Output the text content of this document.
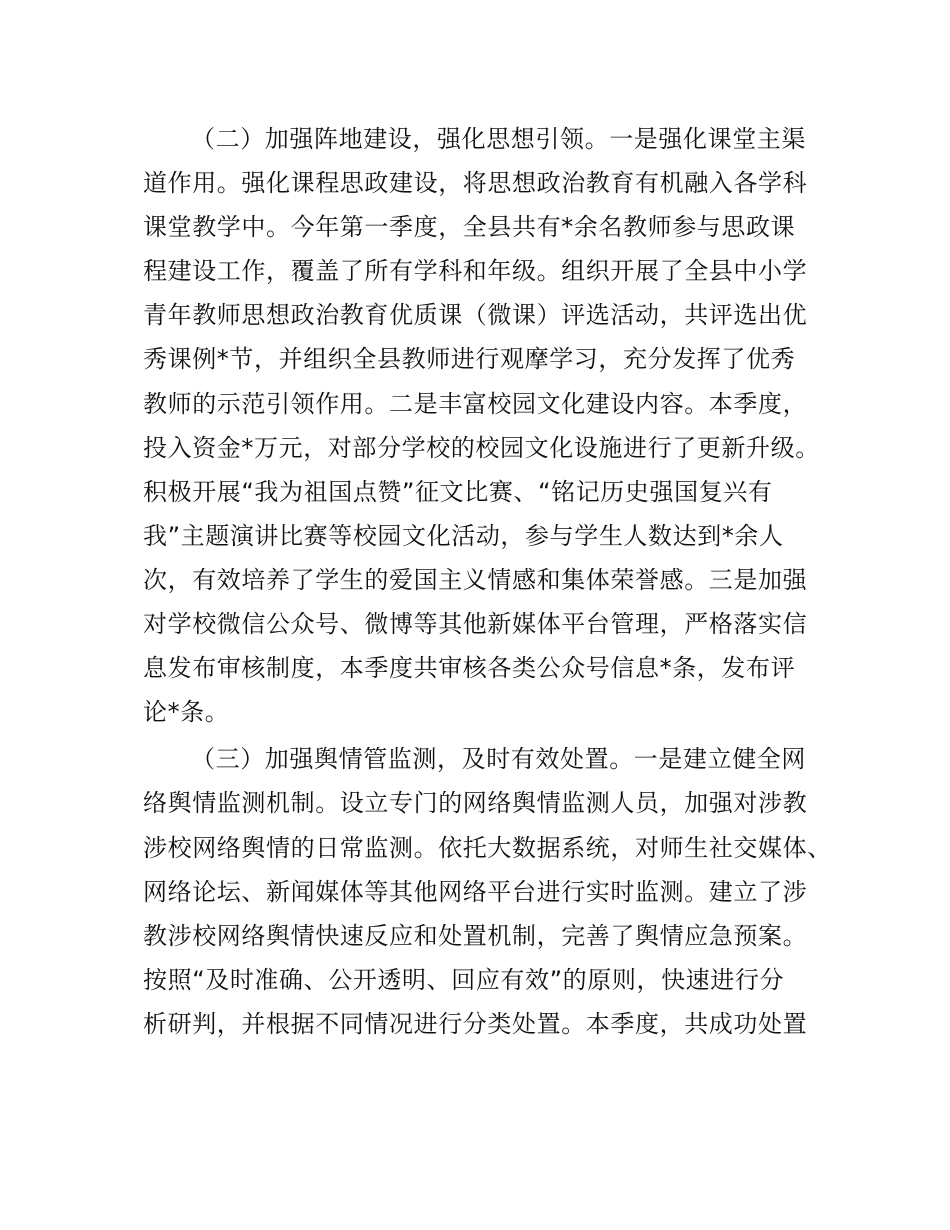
（二）加强阵地建设，强化思想引领。一是强化课堂主渠
道作用。强化课程思政建设，将思想政治教育有机融入各学科
课堂教学中。今年第一季度，全县共有*余名教师参与思政课
程建设工作，覆盖了所有学科和年级。组织开展了全县中小学
青年教师思想政治教育优质课（微课）评选活动，共评选出优
秀课例*节，并组织全县教师进行观摩学习，充分发挥了优秀
教师的示范引领作用。二是丰富校园文化建设内容。本季度，
投入资金*万元，对部分学校的校园文化设施进行了更新升级。
积极开展“我为祖国点赞”征文比赛、“铭记历史强国复兴有
我”主题演讲比赛等校园文化活动，参与学生人数达到*余人
次，有效培养了学生的爱国主义情感和集体荣誉感。三是加强
对学校微信公众号、微博等其他新媒体平台管理，严格落实信
息发布审核制度，本季度共审核各类公众号信息*条，发布评
论*条。
（三）加强舆情管监测，及时有效处置。一是建立健全网
络舆情监测机制。设立专门的网络舆情监测人员，加强对涉教
涉校网络舆情的日常监测。依托大数据系统，对师生社交媒体、
网络论坛、新闻媒体等其他网络平台进行实时监测。建立了涉
教涉校网络舆情快速反应和处置机制，完善了舆情应急预案。
按照“及时准确、公开透明、回应有效”的原则，快速进行分
析研判，并根据不同情况进行分类处置。本季度，共成功处置
